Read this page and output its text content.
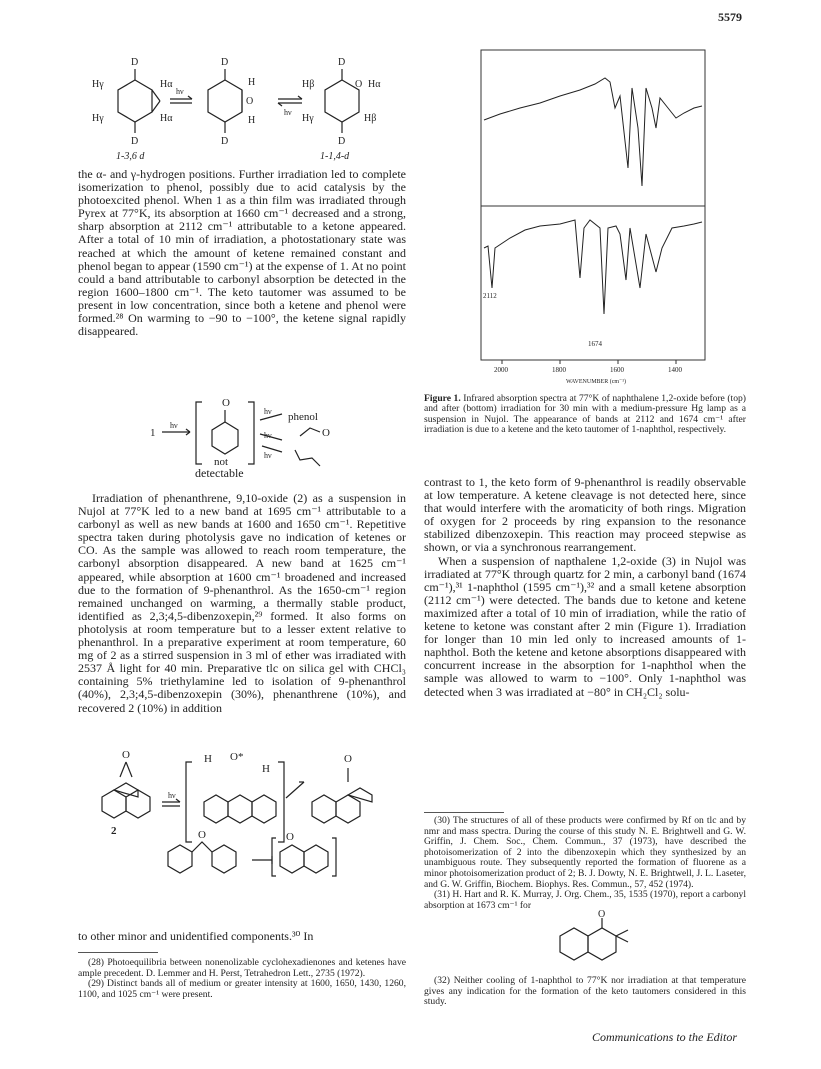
5579
D
Hγ	Hα
Hγ	Hα
D
hν
D
H
O
H
D
hν
D
Hβ	O Hα
Hγ	Hβ
D
1-3,6 d	1-1,4-d

the α- and γ-hydrogen positions. Further irradiation led to complete isomerization to phenol, possibly due to acid catalysis by the photoexcited phenol. When 1 as a thin film was irradiated through Pyrex at 77°K, its absorption at 1660 cm⁻¹ decreased and a strong, sharp absorption at 2112 cm⁻¹ attributable to a ketone appeared. After a total of 10 min of irradiation, a photostationary state was reached at which the amount of ketene remained constant and phenol began to appear (1590 cm⁻¹) at the expense of 1. At no point could a band attributable to carbonyl absorption be detected in the region 1600–1800 cm⁻¹. The keto tautomer was assumed to be present in low concentration, since both a ketene and phenol were formed.²⁸ On warming to −90 to −100°, the ketene signal rapidly disappeared.

1
hν
O
hν phenol
hν	O
hν
not
detectable

Irradiation of phenanthrene, 9,10-oxide (2) as a suspension in Nujol at 77°K led to a new band at 1695 cm⁻¹ attributable to a carbonyl as well as new bands at 1600 and 1650 cm⁻¹. Repetitive spectra taken during photolysis gave no indication of ketenes or CO. As the sample was allowed to reach room temperature, the carbonyl absorption disappeared. A new band at 1625 cm⁻¹ appeared, while absorption at 1600 cm⁻¹ broadened and increased due to the formation of 9-phenanthrol. As the 1650-cm⁻¹ region remained unchanged on warming, a thermally stable product, identified as 2,3;4,5-dibenzoxepin,²⁹ formed. It also forms on photolysis at room temperature but to a lesser extent relative to phenanthrol. In a preparative experiment at room temperature, 60 mg of 2 as a stirred suspension in 3 ml of ether was irradiated with 2537 Å light for 40 min. Preparative tlc on silica gel with CHCl₃ containing 5% triethylamine led to isolation of 9-phenanthrol (40%), 2,3;4,5-dibenzoxepin (30%), phenanthrene (10%), and recovered 2 (10%) in addition

O
hν
2
H O*
H
O
O	O

to other minor and unidentified components.³⁰ In

(28) Photoequilibria between nonenolizable cyclohexadienones and ketenes have ample precedent. D. Lemmer and H. Perst, Tetrahedron Lett., 2735 (1972).

(29) Distinct bands all of medium or greater intensity at 1600, 1650, 1430, 1260, 1100, and 1025 cm⁻¹ were present.

2112
1674
2000	1800	1600	1400
WAVENUMBER (cm⁻¹)
Figure 1. Infrared absorption spectra at 77°K of naphthalene 1,2-oxide before (top) and after (bottom) irradiation for 30 min with a medium-pressure Hg lamp as a suspension in Nujol. The appearance of bands at 2112 and 1674 cm⁻¹ after irradiation is due to a ketene and the keto tautomer of 1-naphthol, respectively.

contrast to 1, the keto form of 9-phenanthrol is readily observable at low temperature. A ketene cleavage is not detected here, since that would interfere with the aromaticity of both rings. Migration of oxygen for 2 proceeds by ring expansion to the resonance stabilized dibenzoxepin. This reaction may proceed stepwise as shown, or via a synchronous rearrangement.

When a suspension of napthalene 1,2-oxide (3) in Nujol was irradiated at 77°K through quartz for 2 min, a carbonyl band (1674 cm⁻¹),³¹ 1-naphthol (1595 cm⁻¹),³² and a small ketene absorption (2112 cm⁻¹) were detected. The bands due to ketone and ketene maximized after a total of 10 min of irradiation, while the ratio of ketene to ketone was constant after 2 min (Figure 1). Irradiation for longer than 10 min led only to increased amounts of 1-naphthol. Both the ketene and ketone absorptions disappeared with concurrent increase in the absorption for 1-naphthol when the sample was allowed to warm to −100°. Only 1-naphthol was detected when 3 was irradiated at −80° in CH₂Cl₂ solu-

(30) The structures of all of these products were confirmed by Rf on tlc and by nmr and mass spectra. During the course of this study N. E. Brightwell and G. W. Griffin, J. Chem. Soc., Chem. Commun., 37 (1973), have described the photoisomerization of 2 into the dibenzoxepin which they synthesized by an unambiguous route. They subsequently reported the formation of fluorene as a minor photoisomerization product of 2; B. J. Dowty, N. E. Brightwell, J. L. Laseter, and G. W. Griffin, Biochem. Biophys. Res. Commun., 57, 452 (1974).

(31) H. Hart and R. K. Murray, J. Org. Chem., 35, 1535 (1970), report a carbonyl absorption at 1673 cm⁻¹ for

O

(32) Neither cooling of 1-naphthol to 77°K nor irradiation at that temperature gives any indication for the formation of the keto tautomers considered in this study.

Communications to the Editor
